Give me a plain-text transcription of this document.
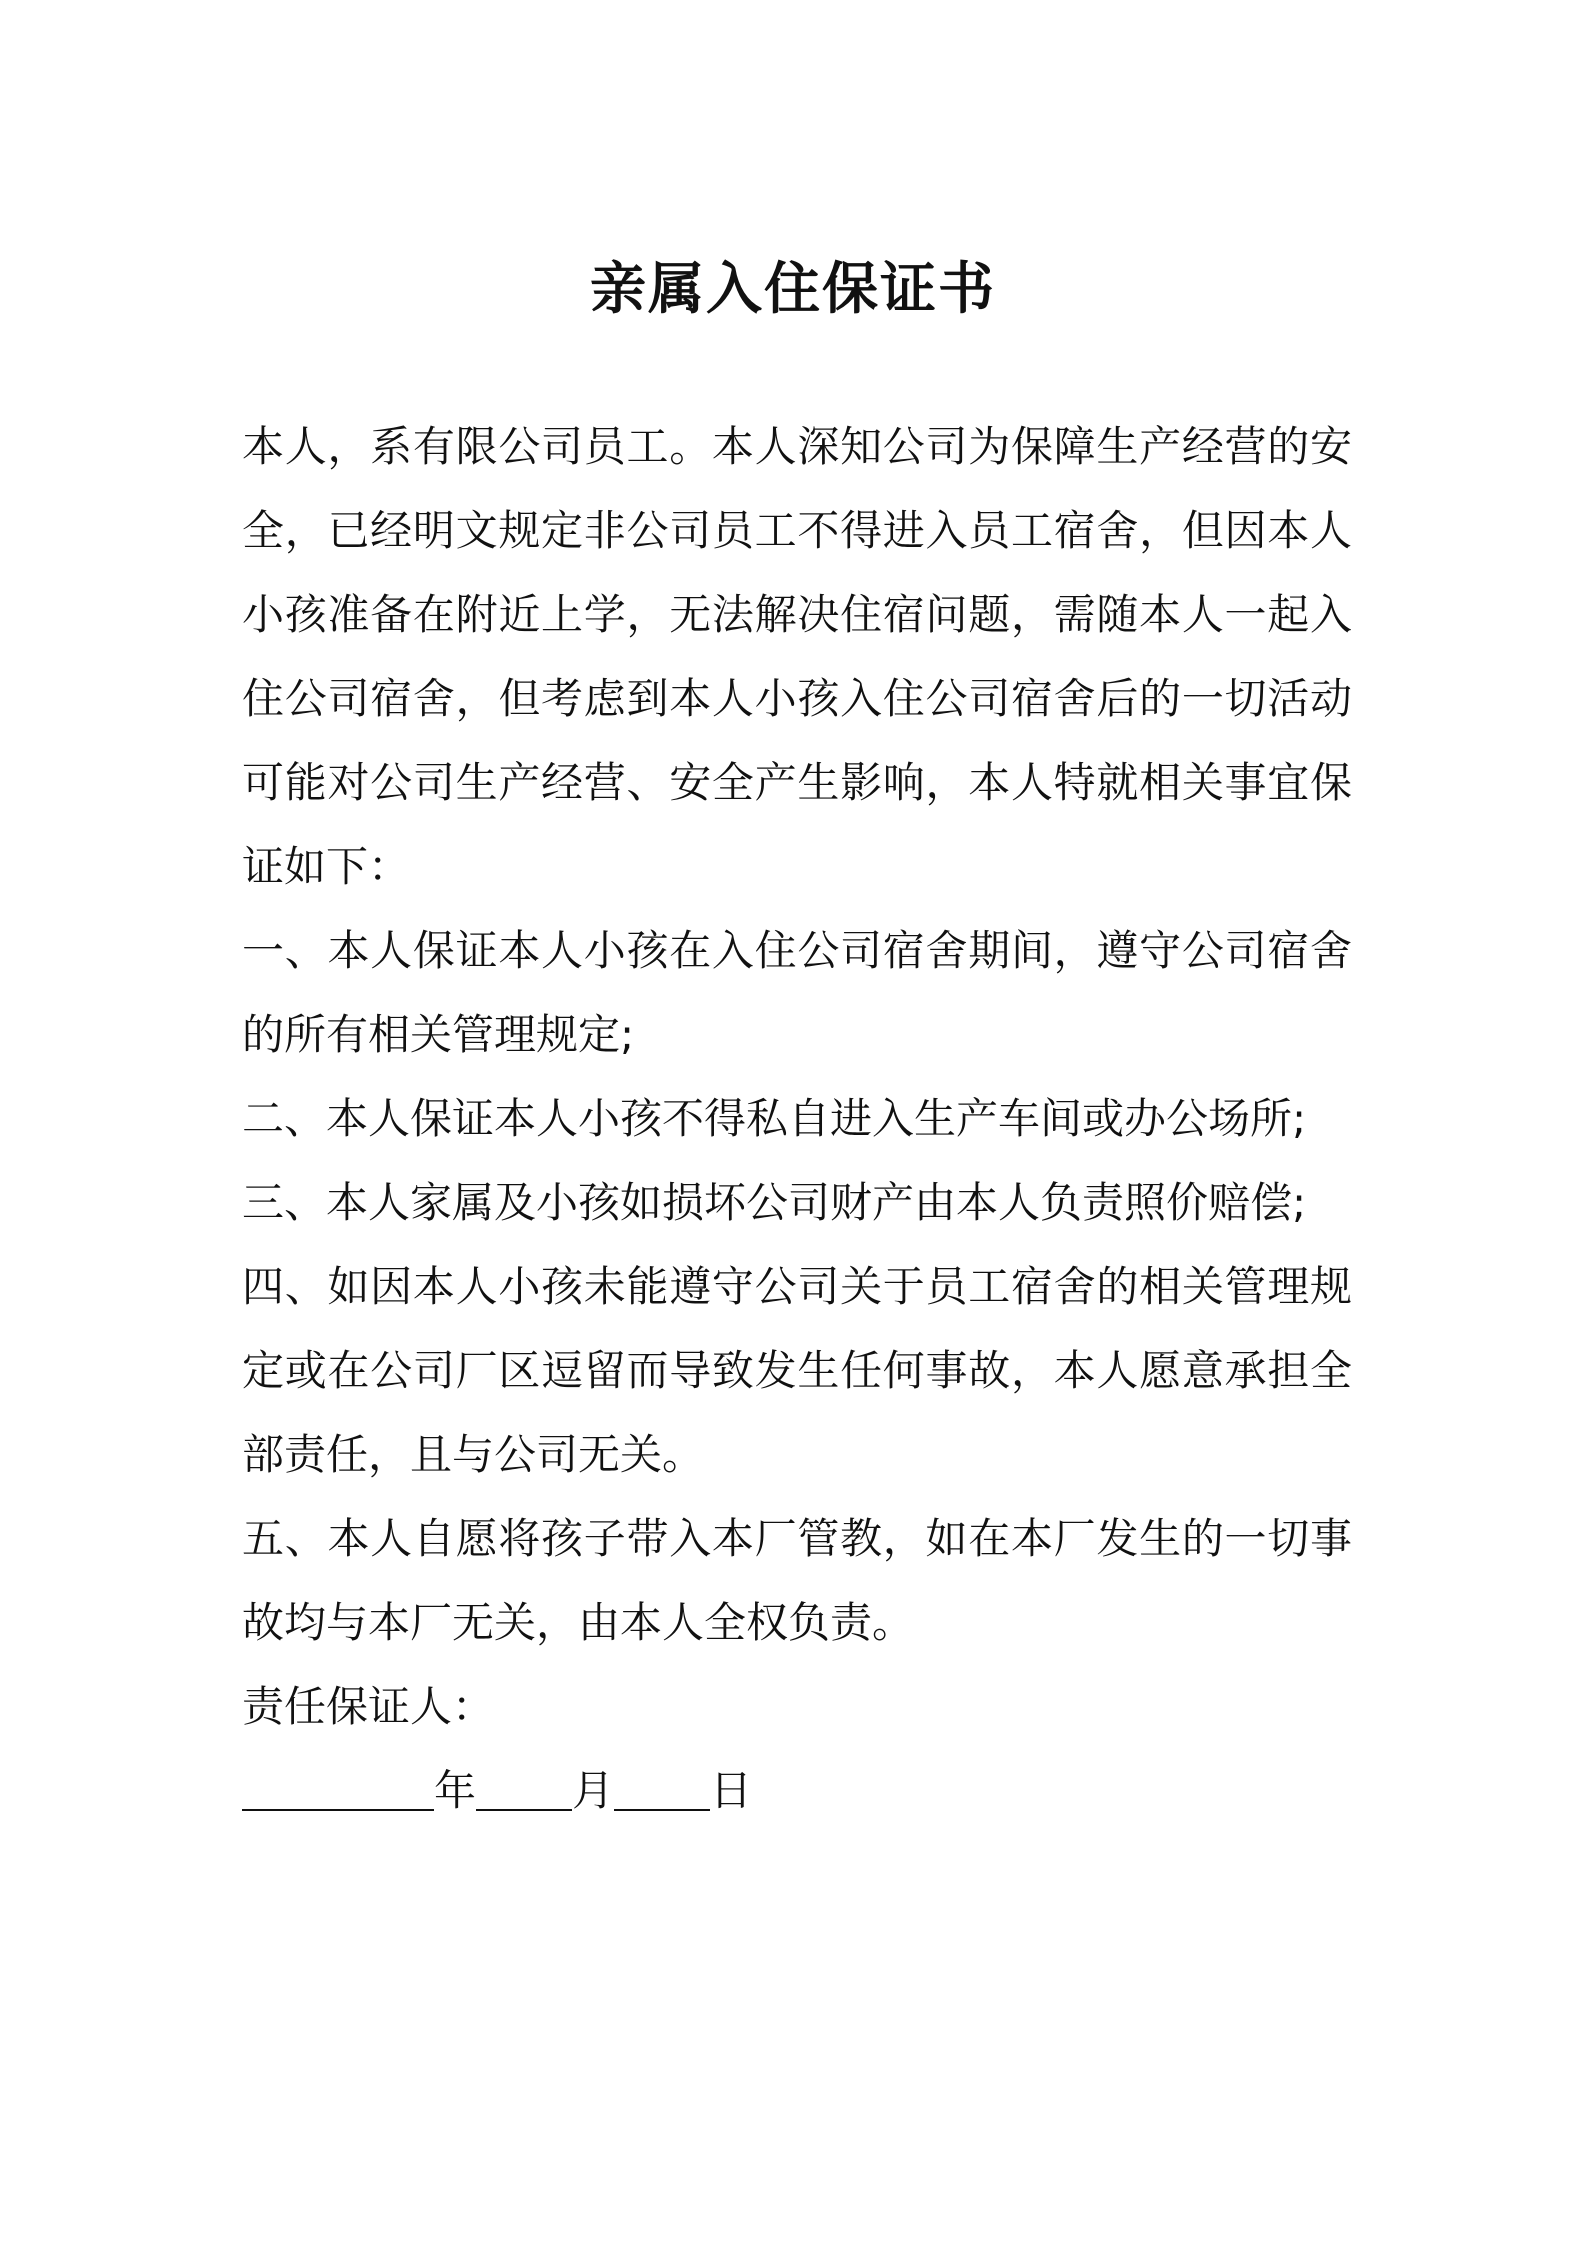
亲属入住保证书

本人，系有限公司员工。本人深知公司为保障生产经营的安全，已经明文规定非公司员工不得进入员工宿舍，但因本人小孩准备在附近上学，无法解决住宿问题，需随本人一起入住公司宿舍，但考虑到本人小孩入住公司宿舍后的一切活动可能对公司生产经营、安全产生影响，本人特就相关事宜保证如下：

一、本人保证本人小孩在入住公司宿舍期间，遵守公司宿舍的所有相关管理规定;

二、本人保证本人小孩不得私自进入生产车间或办公场所;

三、本人家属及小孩如损坏公司财产由本人负责照价赔偿;

四、如因本人小孩未能遵守公司关于员工宿舍的相关管理规定或在公司厂区逗留而导致发生任何事故，本人愿意承担全部责任，且与公司无关。

五、本人自愿将孩子带入本厂管教，如在本厂发生的一切事故均与本厂无关，由本人全权负责。

责任保证人：

年 月 日
